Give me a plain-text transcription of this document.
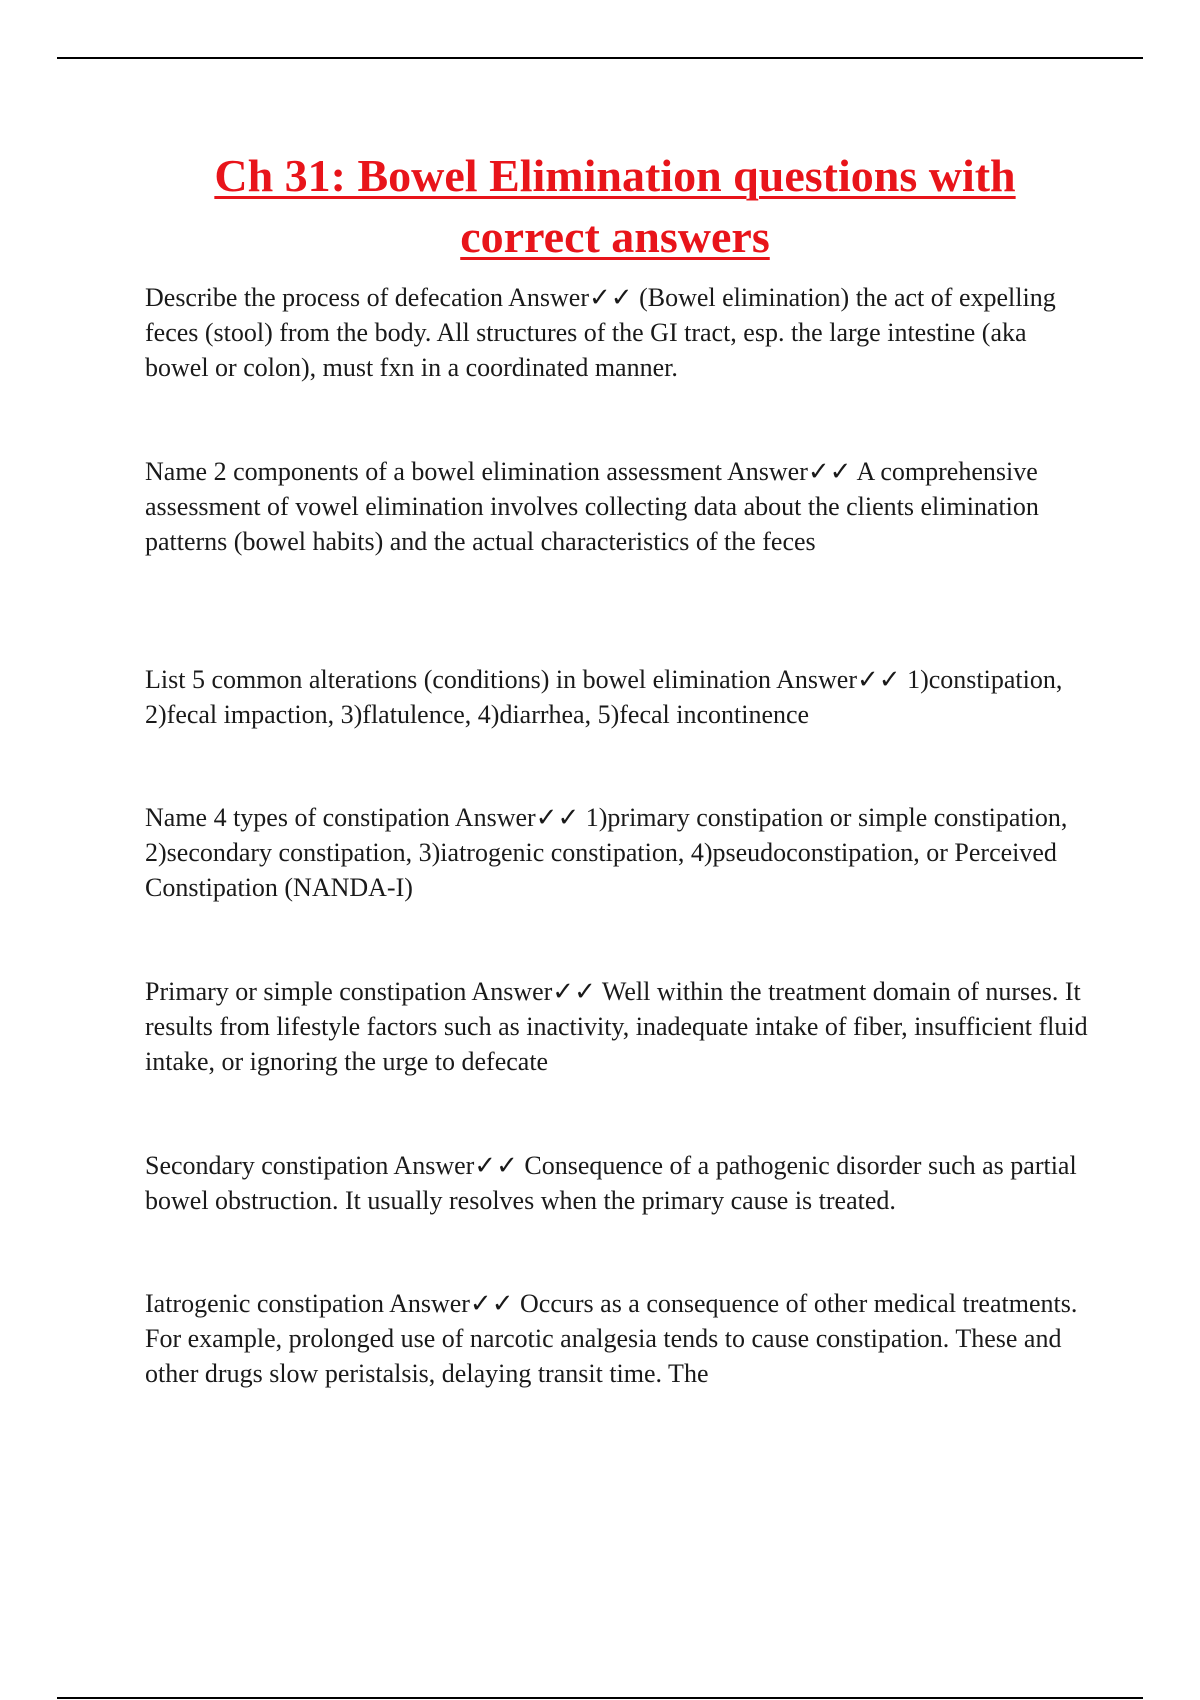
Ch 31: Bowel Elimination questions with
correct answers

Describe the process of defecation Answer✓✓ (Bowel elimination) the act of expelling feces (stool) from the body. All structures of the GI tract, esp. the large intestine (aka bowel or colon), must fxn in a coordinated manner.

Name 2 components of a bowel elimination assessment Answer✓✓ A comprehensive assessment of vowel elimination involves collecting data about the clients elimination patterns (bowel habits) and the actual characteristics of the feces

List 5 common alterations (conditions) in bowel elimination Answer✓✓ 1)constipation, 2)fecal impaction, 3)flatulence, 4)diarrhea, 5)fecal incontinence

Name 4 types of constipation Answer✓✓ 1)primary constipation or simple constipation, 2)secondary constipation, 3)iatrogenic constipation, 4)pseudoconstipation, or Perceived Constipation (NANDA-I)

Primary or simple constipation Answer✓✓ Well within the treatment domain of nurses. It results from lifestyle factors such as inactivity, inadequate intake of fiber, insufficient fluid intake, or ignoring the urge to defecate

Secondary constipation Answer✓✓ Consequence of a pathogenic disorder such as partial bowel obstruction. It usually resolves when the primary cause is treated.

Iatrogenic constipation Answer✓✓ Occurs as a consequence of other medical treatments. For example, prolonged use of narcotic analgesia tends to cause constipation. These and other drugs slow peristalsis, delaying transit time. The
